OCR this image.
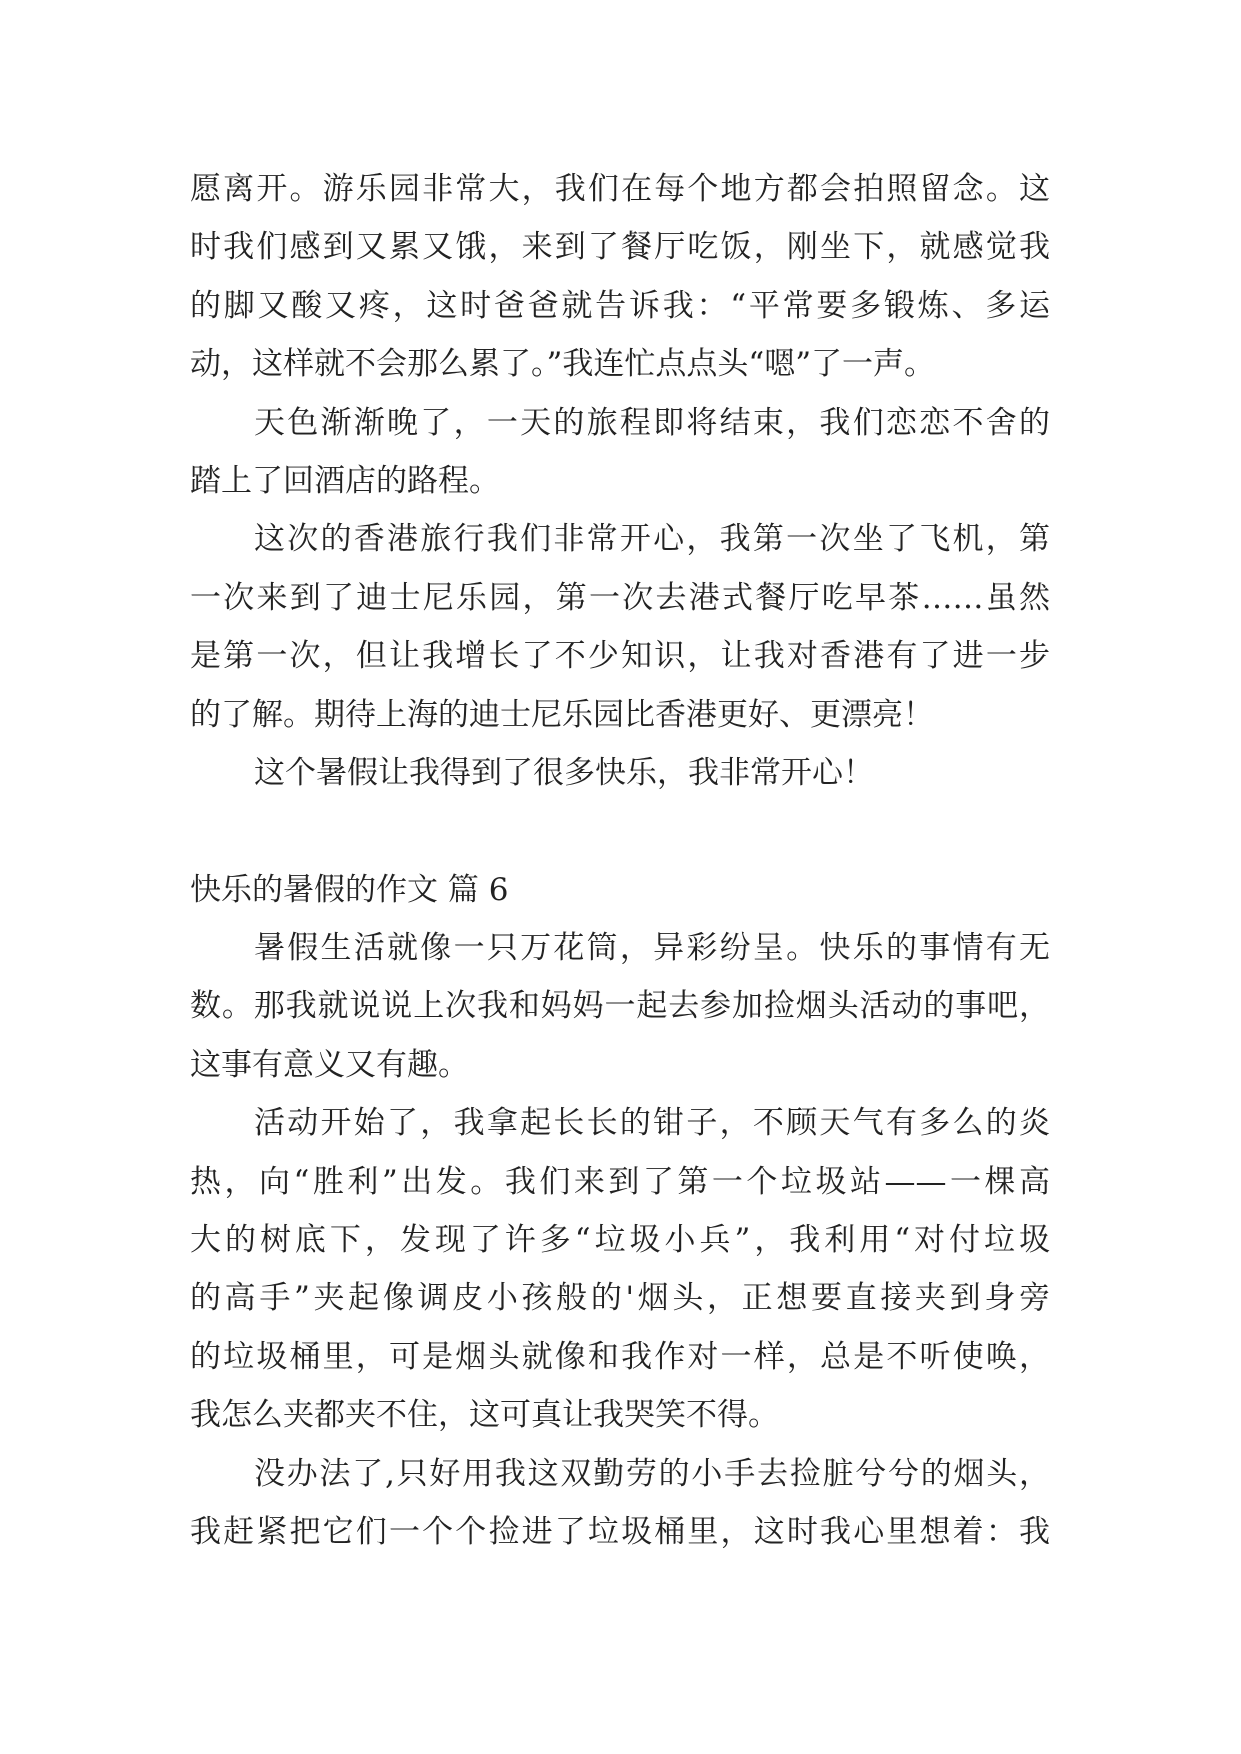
愿离开。游乐园非常大，我们在每个地方都会拍照留念。这
时我们感到又累又饿，来到了餐厅吃饭，刚坐下，就感觉我
的脚又酸又疼，这时爸爸就告诉我：“平常要多锻炼、多运
动，这样就不会那么累了。”我连忙点点头“嗯”了一声。
天色渐渐晚了，一天的旅程即将结束，我们恋恋不舍的
踏上了回酒店的路程。
这次的香港旅行我们非常开心，我第一次坐了飞机，第
一次来到了迪士尼乐园，第一次去港式餐厅吃早茶……虽然
是第一次，但让我增长了不少知识，让我对香港有了进一步
的了解。期待上海的迪士尼乐园比香港更好、更漂亮！
这个暑假让我得到了很多快乐，我非常开心！
快乐的暑假的作文 篇 6
暑假生活就像一只万花筒，异彩纷呈。快乐的事情有无
数。那我就说说上次我和妈妈一起去参加捡烟头活动的事吧，
这事有意义又有趣。
活动开始了，我拿起长长的钳子，不顾天气有多么的炎
热，向“胜利”出发。我们来到了第一个垃圾站——一棵高
大的树底下，发现了许多“垃圾小兵”，我利用“对付垃圾
的高手”夹起像调皮小孩般的'烟头，正想要直接夹到身旁
的垃圾桶里，可是烟头就像和我作对一样，总是不听使唤，
我怎么夹都夹不住，这可真让我哭笑不得。
没办法了,只好用我这双勤劳的小手去捡脏兮兮的烟头，
我赶紧把它们一个个捡进了垃圾桶里，这时我心里想着：我
